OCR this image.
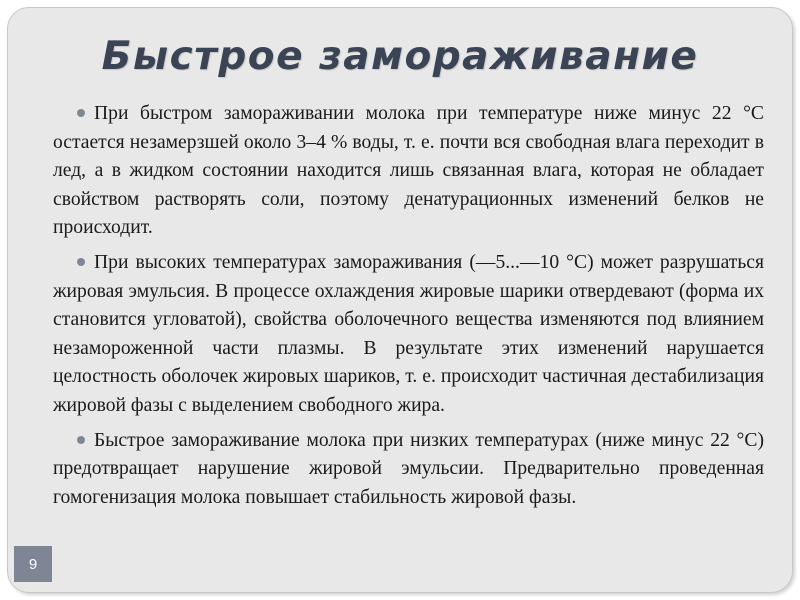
Быстрое замораживание

При быстром замораживании молока при температуре ниже минус 22 °С остается незамерзшей около 3–4 % воды, т. е. почти вся свободная влага переходит в лед, а в жидком состоянии находится лишь связанная влага, которая не обладает свойством растворять соли, поэтому денатурационных изменений белков не происходит.

При высоких температурах замораживания (—5...—10 °С) может разрушаться жировая эмульсия. В процессе охлаждения жировые шарики отвердевают (форма их становится угловатой), свойства оболочечного вещества изменяются под влиянием незамороженной части плазмы. В результате этих изменений нарушается целостность оболочек жировых шариков, т. е. происходит частичная дестабилизация жировой фазы с выделением свободного жира.

Быстрое замораживание молока при низких температурах (ниже минус 22 °С) предотвращает нарушение жировой эмульсии. Предварительно проведенная гомогенизация молока повышает стабильность жировой фазы.

9
